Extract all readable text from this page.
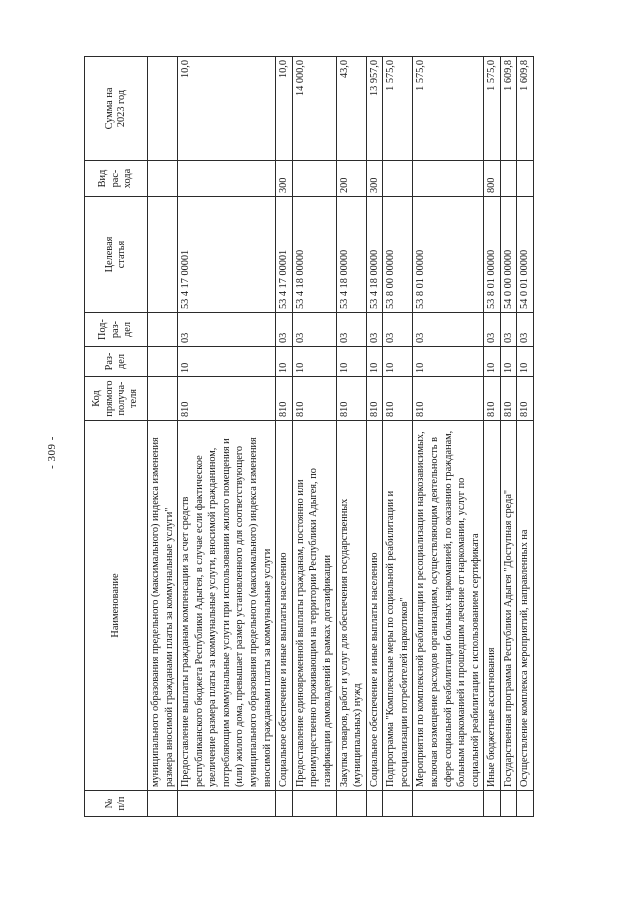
- 309 -
№
п/п	Наименование	Код
прямого
получа-
теля	Раз-
дел	Под-
раз-
дел	Целевая
статья	Вид
рас-
хода	Сумма на
2023 год
	муниципального образования предельного (максимального) индекса изменения размера вносимой гражданами платы за коммунальные услуги"						
	Предоставление выплаты гражданам компенсации за счет средств республиканского бюджета Республики Адыгея, в случае если фактическое увеличение размера платы за коммунальные услуги, вносимой гражданином, потребляющим коммунальные услуги при использовании жилого помещения и (или) жилого дома, превышает размер установленного для соответствующего муниципального образования предельного (максимального) индекса изменения вносимой гражданами платы за коммунальные услуги	810	10	03	53 4 17 00001		10,0
	Социальное обеспечение и иные выплаты населению	810	10	03	53 4 17 00001	300	10,0
	Предоставление единовременной выплаты гражданам, постоянно или преимущественно проживающим на территории Республики Адыгея, по газификации домовладений в рамках догазификации	810	10	03	53 4 18 00000		14 000,0
	Закупка товаров, работ и услуг для обеспечения государственных (муниципальных) нужд	810	10	03	53 4 18 00000	200	43,0
	Социальное обеспечение и иные выплаты населению	810	10	03	53 4 18 00000	300	13 957,0
	Подпрограмма "Комплексные меры по социальной реабилитации и ресоциализации потребителей наркотиков"	810	10	03	53 8 00 00000		1 575,0
	Мероприятия по комплексной реабилитации и ресоциализации наркозависимых, включая возмещение расходов организациям, осуществляющим деятельность в сфере социальной реабилитации больных наркоманией, по оказанию гражданам, больным наркоманией и прошедшим лечение от наркомании, услуг по социальной реабилитации с использованием сертификата	810	10	03	53 8 01 00000		1 575,0
	Иные бюджетные ассигнования	810	10	03	53 8 01 00000	800	1 575,0
	Государственная программа Республики Адыгея "Доступная среда"	810	10	03	54 0 00 00000		1 609,8
	Осуществление комплекса мероприятий, направленных на	810	10	03	54 0 01 00000		1 609,8
